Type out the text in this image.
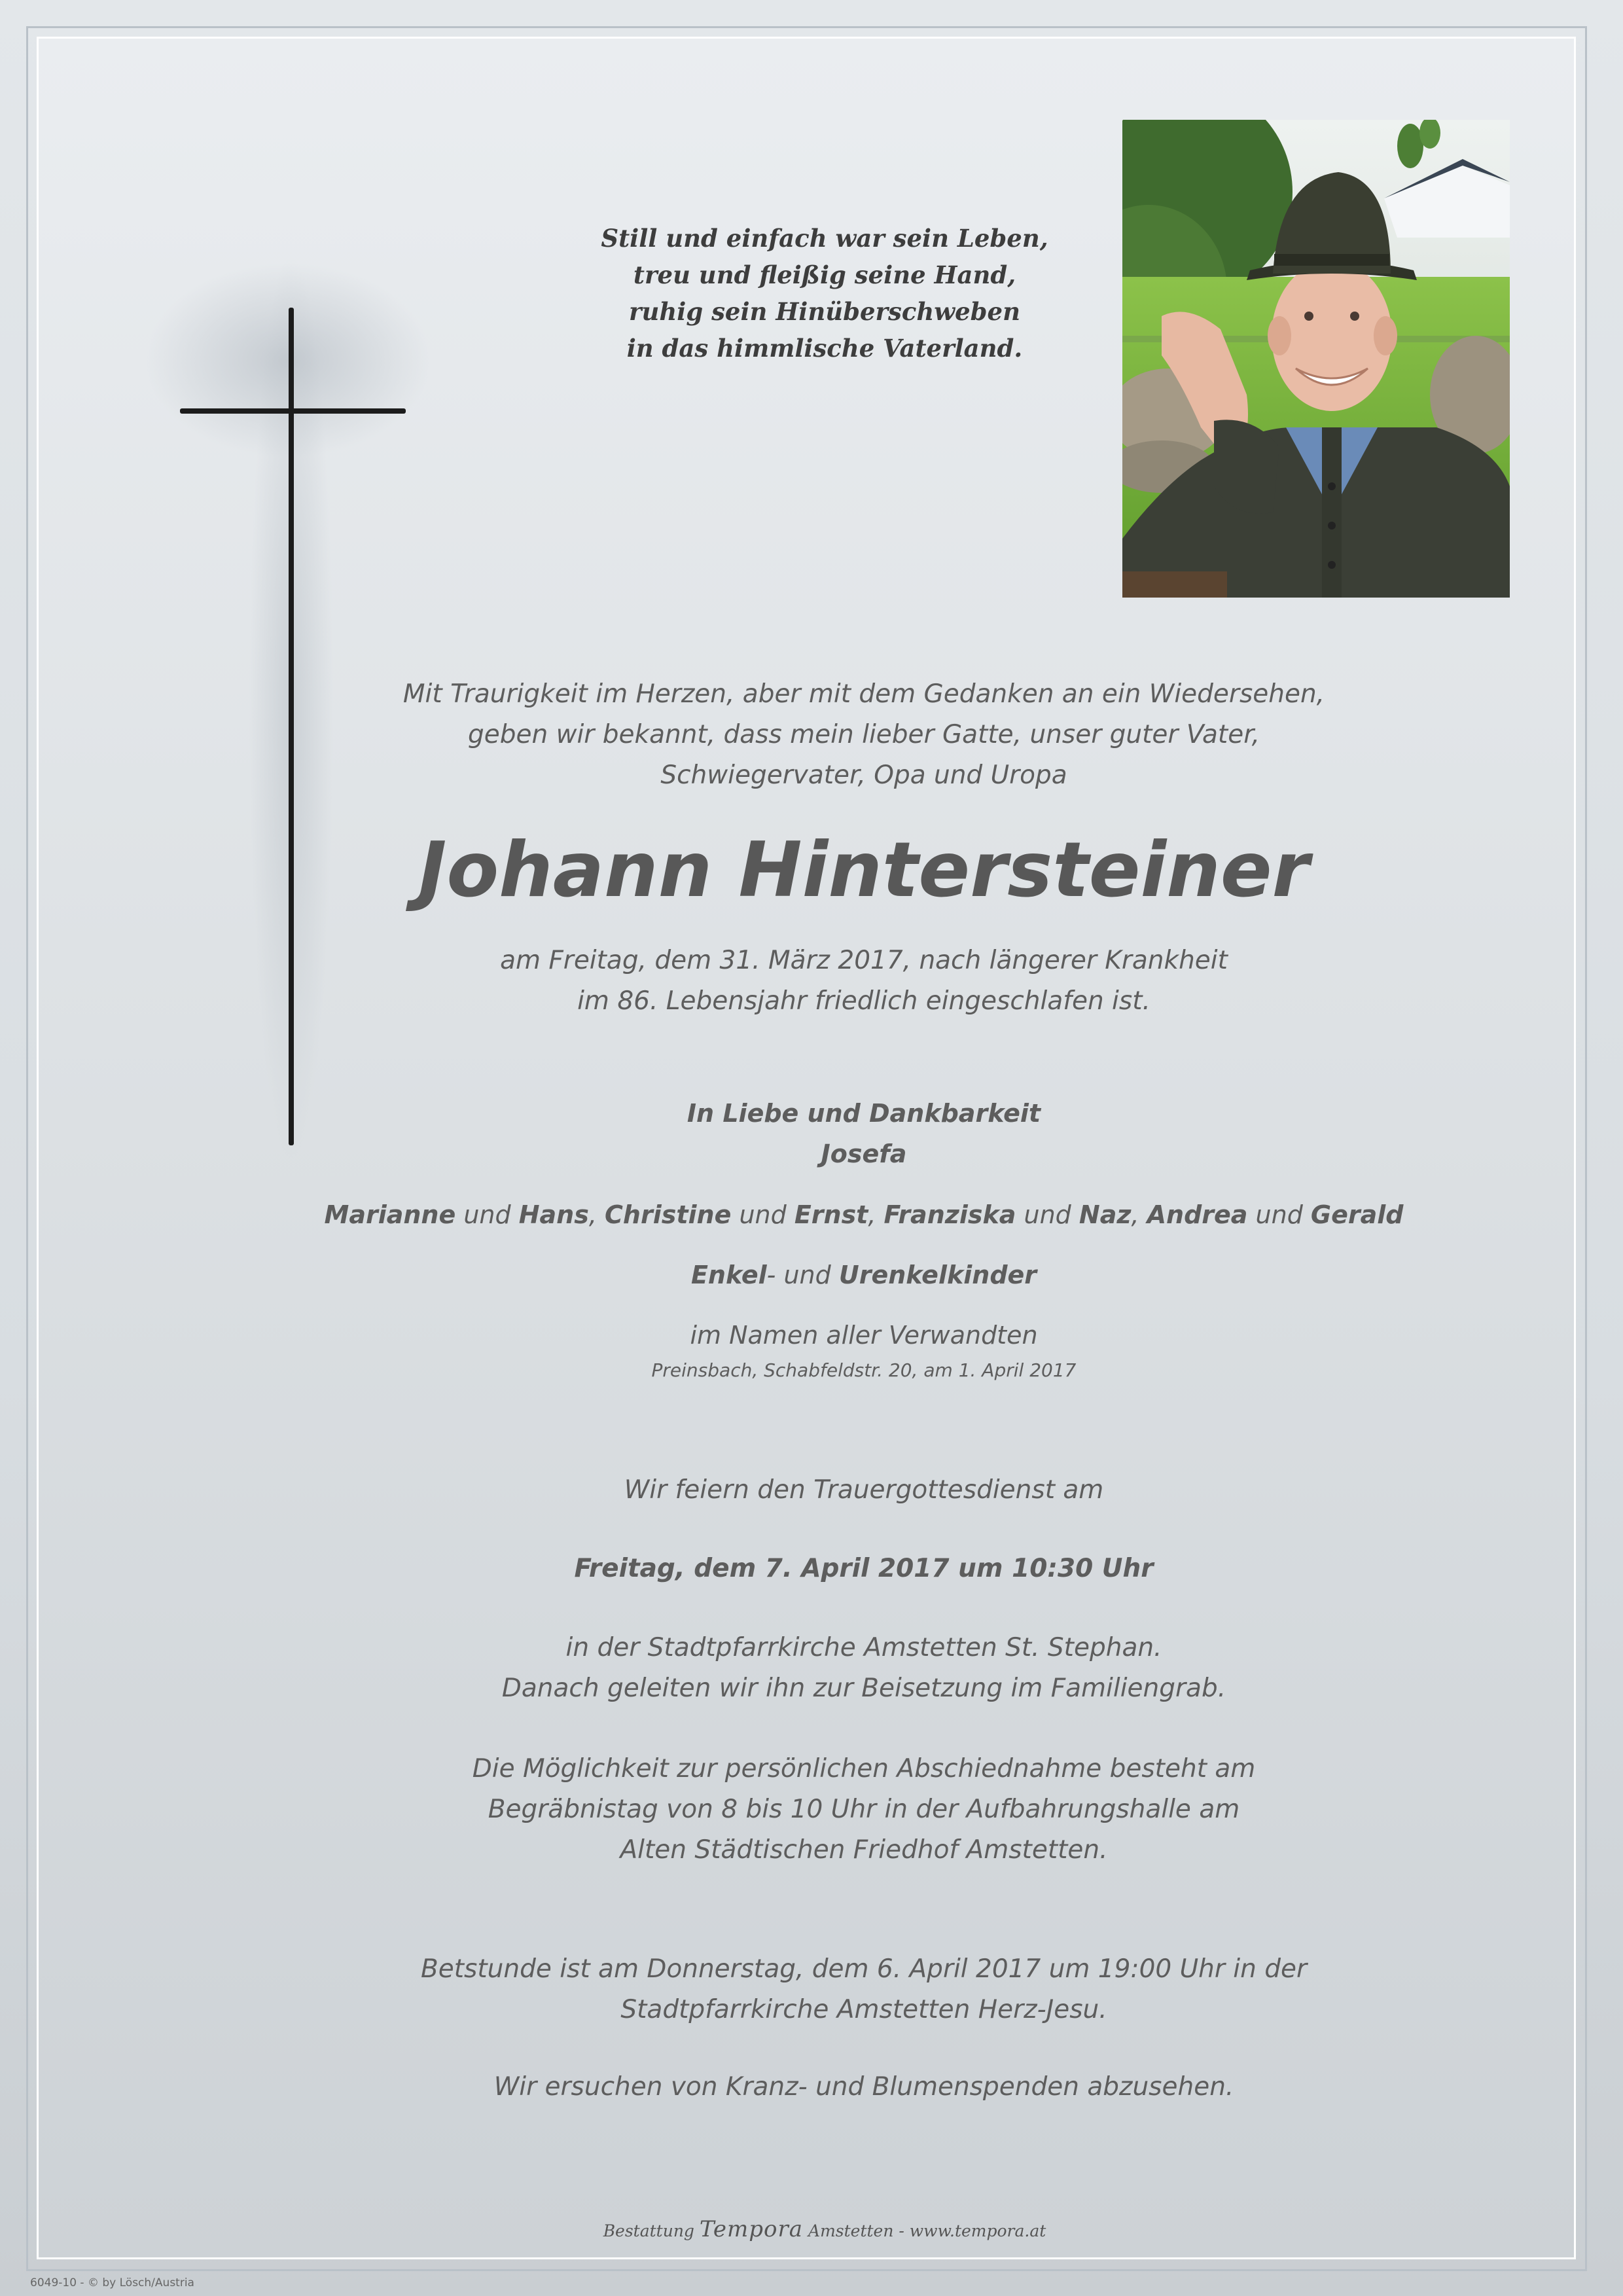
Still und einfach war sein Leben,
treu und fleißig seine Hand,
ruhig sein Hinüberschweben
in das himmlische Vaterland.
Mit Traurigkeit im Herzen, aber mit dem Gedanken an ein Wiedersehen,
geben wir bekannt, dass mein lieber Gatte, unser guter Vater,
Schwiegervater, Opa und Uropa
Johann Hintersteiner
am Freitag, dem 31. März 2017, nach längerer Krankheit
im 86. Lebensjahr friedlich eingeschlafen ist.
In Liebe und Dankbarkeit
Josefa
Marianne und Hans, Christine und Ernst, Franziska und Naz, Andrea und Gerald
Enkel- und Urenkelkinder
im Namen aller Verwandten
Preinsbach, Schabfeldstr. 20, am 1. April 2017
Wir feiern den Trauergottesdienst am
Freitag, dem 7. April 2017 um 10:30 Uhr
in der Stadtpfarrkirche Amstetten St. Stephan.
Danach geleiten wir ihn zur Beisetzung im Familiengrab.
Die Möglichkeit zur persönlichen Abschiednahme besteht am
Begräbnistag von 8 bis 10 Uhr in der Aufbahrungshalle am
Alten Städtischen Friedhof Amstetten.
Betstunde ist am Donnerstag, dem 6. April 2017 um 19:00 Uhr in der
Stadtpfarrkirche Amstetten Herz-Jesu.
Wir ersuchen von Kranz- und Blumenspenden abzusehen.
Bestattung Tempora Amstetten - www.tempora.at
6049-10 - © by Lösch/Austria
